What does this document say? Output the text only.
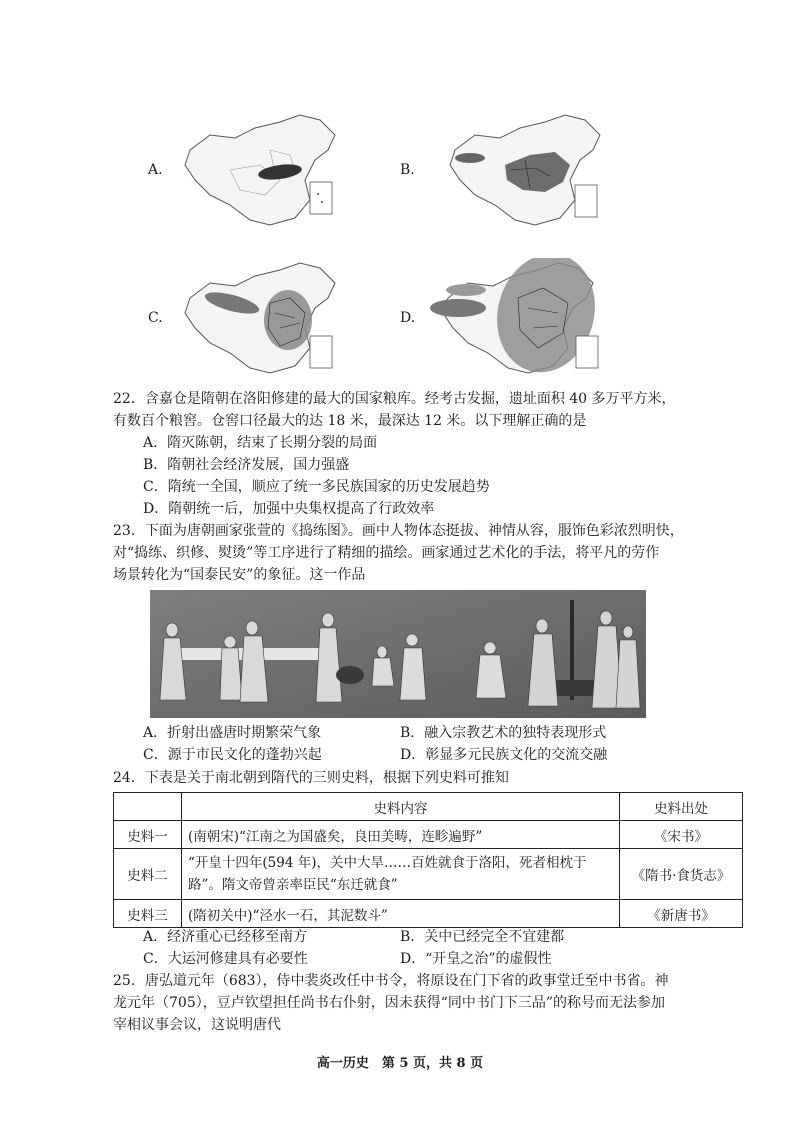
A.	B.
C.	D.
22．含嘉仓是隋朝在洛阳修建的最大的国家粮库。经考古发掘，遗址面积 40 多万平方米，
有数百个粮窖。仓窖口径最大的达 18 米，最深达 12 米。以下理解正确的是
A．隋灭陈朝，结束了长期分裂的局面
B．隋朝社会经济发展，国力强盛
C．隋统一全国，顺应了统一多民族国家的历史发展趋势
D．隋朝统一后，加强中央集权提高了行政效率
23．下面为唐朝画家张萱的《捣练图》。画中人物体态挺拔、神情从容，服饰色彩浓烈明快，
对“捣练、织修、熨烫”等工序进行了精细的描绘。画家通过艺术化的手法，将平凡的劳作
场景转化为“国泰民安”的象征。这一作品
A．折射出盛唐时期繁荣气象	B．融入宗教艺术的独特表现形式
C．源于市民文化的蓬勃兴起	D．彰显多元民族文化的交流交融
24．下表是关于南北朝到隋代的三则史料，根据下列史料可推知
	史料内容	史料出处
史料一	(南朝宋)“江南之为国盛矣，良田美畴，连畛遍野”	《宋书》
史料二	“开皇十四年(594 年)，关中大旱……百姓就食于洛阳，死者相枕于路”。隋文帝曾亲率臣民“东迁就食”	《隋书·食货志》
史料三	(隋初关中)“泾水一石，其泥数斗”	《新唐书》
A．经济重心已经移至南方	B．关中已经完全不宜建都
C．大运河修建具有必要性	D．“开皇之治”的虚假性
25．唐弘道元年（683），侍中裴炎改任中书令，将原设在门下省的政事堂迁至中书省。神
龙元年（705），豆卢钦望担任尚书右仆射，因未获得“同中书门下三品”的称号而无法参加
宰相议事会议，这说明唐代
高一历史　第 5 页，共 8 页
